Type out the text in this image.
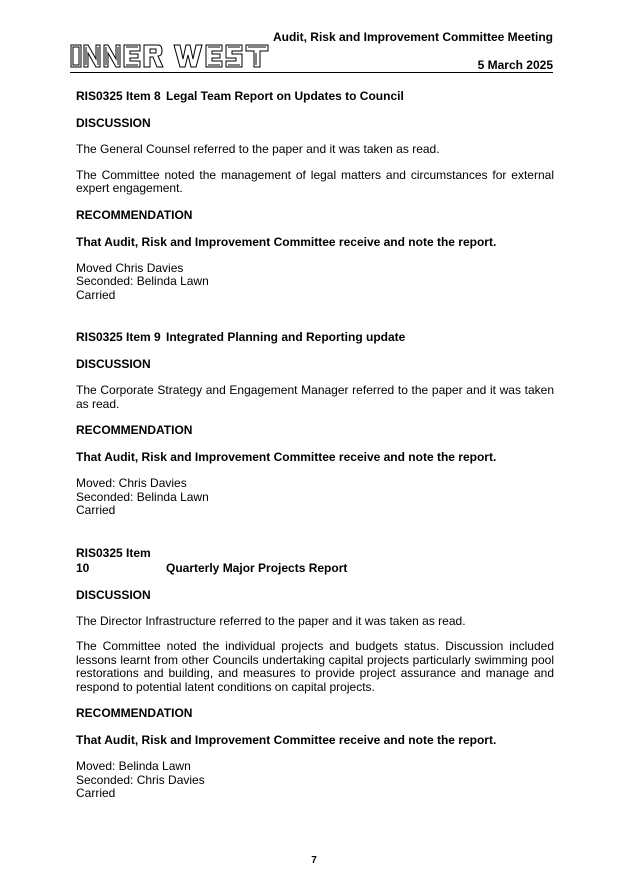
Audit, Risk and Improvement Committee Meeting
5 March 2025
RIS0325 Item 8 Legal Team Report on Updates to Council
DISCUSSION

The General Counsel referred to the paper and it was taken as read.

The Committee noted the management of legal matters and circumstances for external expert engagement.

RECOMMENDATION
That Audit, Risk and Improvement Committee receive and note the report.
Moved Chris Davies
Seconded: Belinda Lawn
Carried
RIS0325 Item 9 Integrated Planning and Reporting update
DISCUSSION

The Corporate Strategy and Engagement Manager referred to the paper and it was taken as read.

RECOMMENDATION
That Audit, Risk and Improvement Committee receive and note the report.
Moved: Chris Davies
Seconded: Belinda Lawn
Carried
RIS0325 Item 10	Quarterly Major Projects Report
DISCUSSION

The Director Infrastructure referred to the paper and it was taken as read.

The Committee noted the individual projects and budgets status. Discussion included lessons learnt from other Councils undertaking capital projects particularly swimming pool restorations and building, and measures to provide project assurance and manage and respond to potential latent conditions on capital projects.

RECOMMENDATION
That Audit, Risk and Improvement Committee receive and note the report.
Moved: Belinda Lawn
Seconded: Chris Davies
Carried
7
